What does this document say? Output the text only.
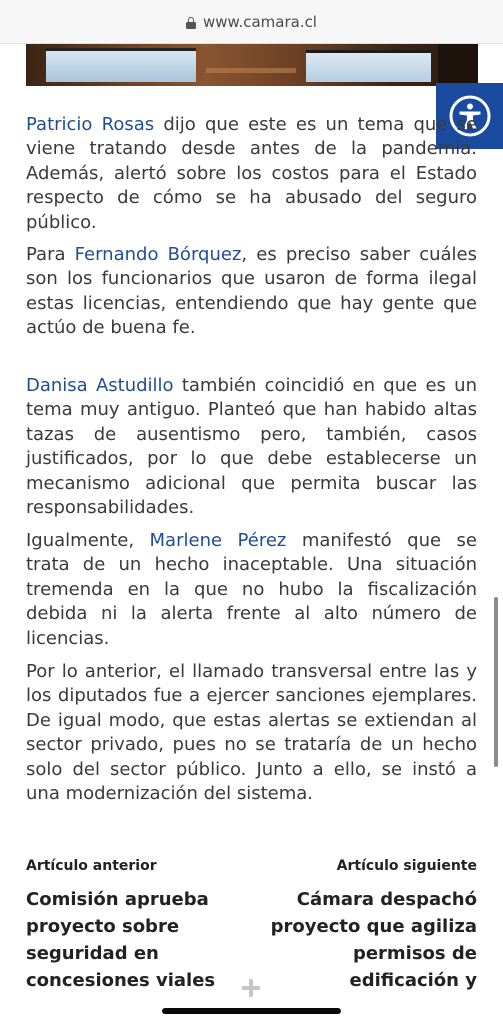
www.camara.cl

Patricio Rosas dijo que este es un tema que se viene tratando desde antes de la pandemia. Además, alertó sobre los costos para el Estado respecto de cómo se ha abusado del seguro público.

Para Fernando Bórquez, es preciso saber cuáles son los funcionarios que usaron de forma ilegal estas licencias, entendiendo que hay gente que actúo de buena fe.

Danisa Astudillo también coincidió en que es un tema muy antiguo. Planteó que han habido altas tazas de ausentismo pero, también, casos justificados, por lo que debe establecerse un mecanismo adicional que permita buscar las responsabilidades.

Igualmente, Marlene Pérez manifestó que se trata de un hecho inaceptable. Una situación tremenda en la que no hubo la fiscalización debida ni la alerta frente al alto número de licencias.

Por lo anterior, el llamado transversal entre las y los diputados fue a ejercer sanciones ejemplares. De igual modo, que estas alertas se extiendan al sector privado, pues no se trataría de un hecho solo del sector público. Junto a ello, se instó a una modernización del sistema.

Artículo anterior	Artículo siguiente
Comisión aprueba proyecto sobre seguridad en concesiones viales
Cámara despachó proyecto que agiliza permisos de edificación y
